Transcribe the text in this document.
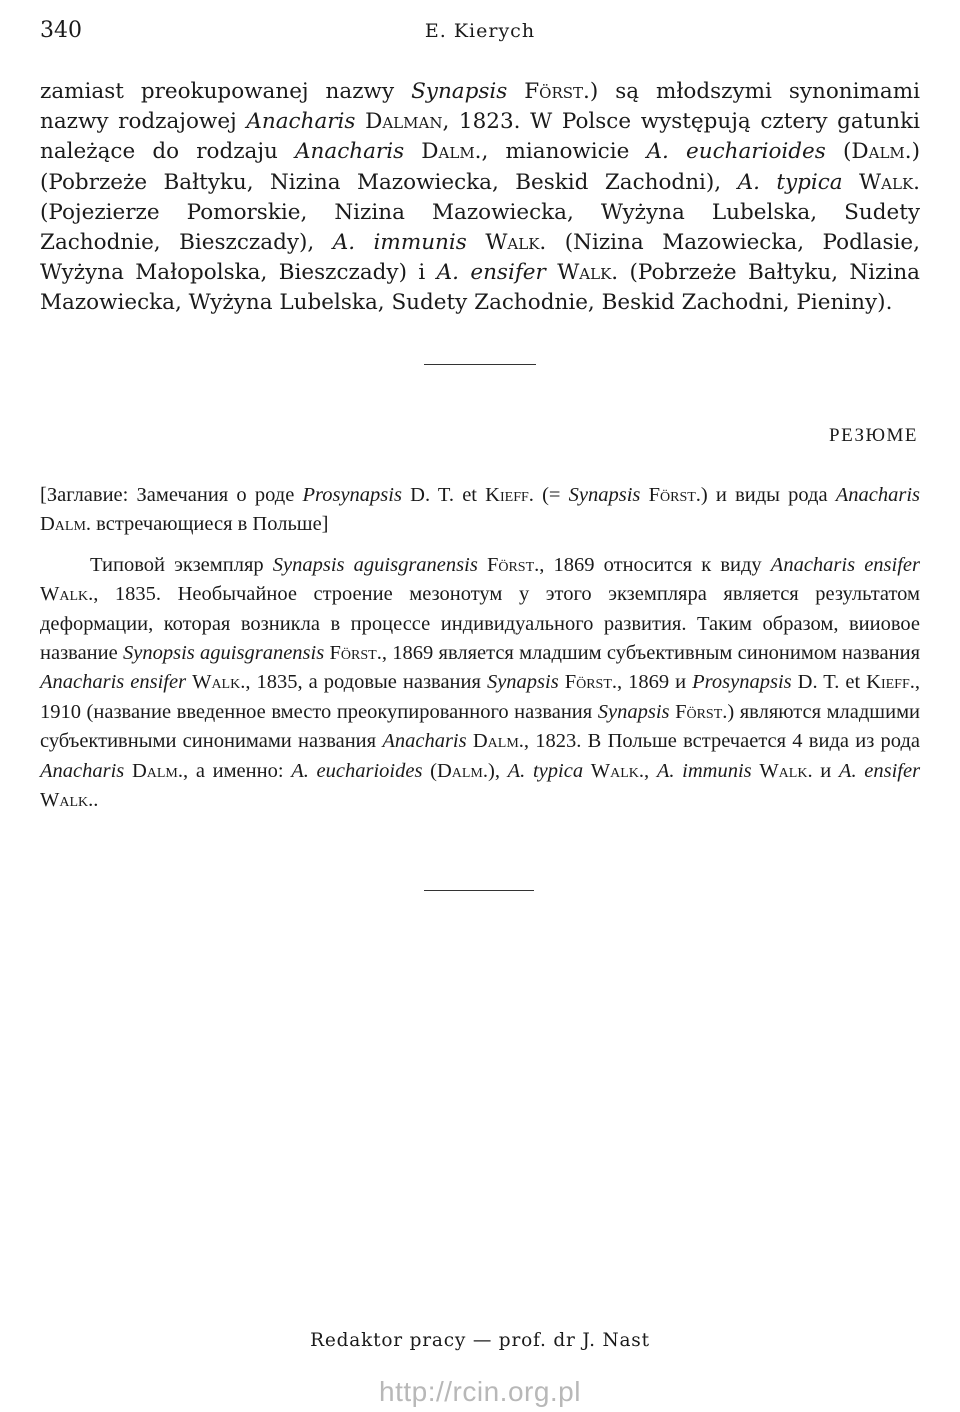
340	E. Kierych
zamiast preokupowanej nazwy Synapsis Först.) są młodszymi synonimami nazwy rodzajowej Anacharis Dalman, 1823. W Polsce występują cztery gatunki należące do rodzaju Anacharis Dalm., mianowicie A. eucharioides (Dalm.) (Pobrzeże Bałtyku, Nizina Mazowiecka, Beskid Zachodni), A. typica Walk. (Pojezierze Pomorskie, Nizina Mazowiecka, Wyżyna Lubelska, Sudety Zachodnie, Bieszczady), A. immunis Walk. (Nizina Mazowiecka, Podlasie, Wyżyna Małopolska, Bieszczady) i A. ensifer Walk. (Pobrzeże Bałtyku, Nizina Mazowiecka, Wyżyna Lubelska, Sudety Zachodnie, Beskid Zachodni, Pieniny).
РЕЗЮМЕ

[Заглавие: Замечания о роде Prosynapsis D. T. et Kieff. (= Synapsis Först.) и виды рода Anacharis Dalm. встречающиеся в Польше]

Типовой экземпляр Synapsis aguisgranensis Först., 1869 относится к виду Anacharis ensifer Walk., 1835. Необычайное строение мезонотум у этого экземпляра является результатом деформации, которая возникла в процессе индивидуального развития. Таким образом, вииовое название Synopsis aguisgranensis Först., 1869 является младшим субъективным синонимом названия Anacharis ensifer Walk., 1835, а родовые названия Synapsis Först., 1869 и Prosynapsis D. T. et Kieff., 1910 (название введенное вместо преокупированного названия Synapsis Först.) являются младшими субъективными синонимами названия Anacharis Dalm., 1823. В Польше встречается 4 вида из рода Anacharis Dalm., а именно: A. eucharioides (Dalm.), A. typica Walk., A. immunis Walk. и A. ensifer Walk..

Redaktor pracy — prof. dr J. Nast
http://rcin.org.pl
